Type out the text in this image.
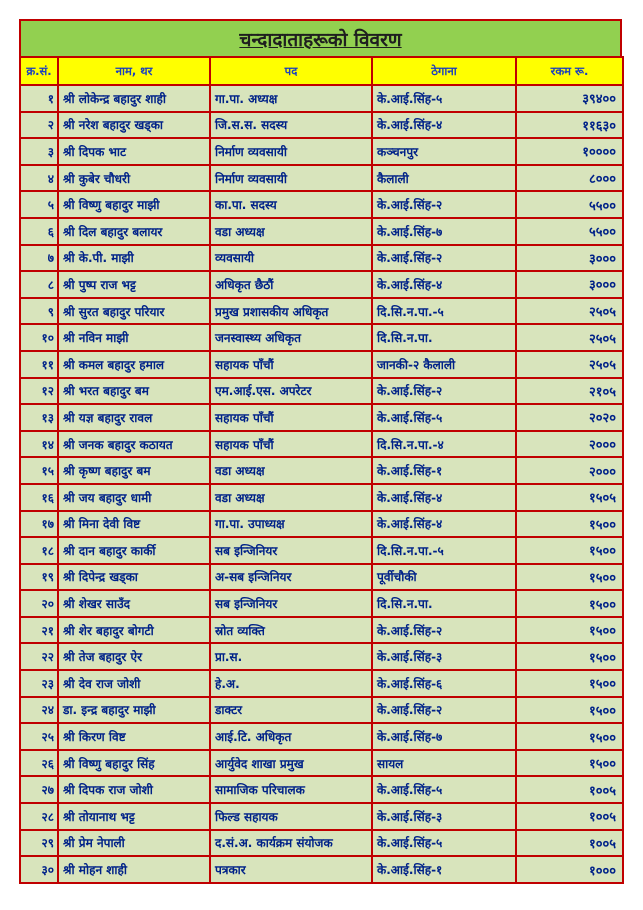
चन्दादाताहरूको विवरण
क्र.सं.	नाम, थर	पद	ठेगाना	रकम रू.
१	श्री लोकेन्द्र बहादुर शाही	गा.पा. अध्यक्ष	के.आई.सिंह-५	३९४००
२	श्री नरेश बहादुर खड्का	जि.स.स. सदस्य	के.आई.सिंह-४	११६३०
३	श्री दिपक भाट	निर्माण व्यवसायी	कञ्चनपुर	१००००
४	श्री कुबेर चौधरी	निर्माण व्यवसायी	कैलाली	८०००
५	श्री विष्णु बहादुर माझी	का.पा. सदस्य	के.आई.सिंह-२	५५००
६	श्री दिल बहादुर बलायर	वडा अध्यक्ष	के.आई.सिंह-७	५५००
७	श्री के.पी. माझी	व्यवसायी	के.आई.सिंह-२	३०००
८	श्री पुष्प राज भट्ट	अधिकृत छैठौं	के.आई.सिंह-४	३०००
९	श्री सुरत बहादुर परियार	प्रमुख प्रशासकीय अधिकृत	दि.सि.न.पा.-५	२५०५
१०	श्री नविन माझी	जनस्वास्थ्य अधिकृत	दि.सि.न.पा.	२५०५
११	श्री कमल बहादुर हमाल	सहायक पाँचौं	जानकी-२ कैलाली	२५०५
१२	श्री भरत बहादुर बम	एम.आई.एस. अपरेटर	के.आई.सिंह-२	२१०५
१३	श्री यज्ञ बहादुर रावल	सहायक पाँचौं	के.आई.सिंह-५	२०२०
१४	श्री जनक बहादुर कठायत	सहायक पाँचौं	दि.सि.न.पा.-४	२०००
१५	श्री कृष्ण बहादुर बम	वडा अध्यक्ष	के.आई.सिंह-१	२०००
१६	श्री जय बहादुर धामी	वडा अध्यक्ष	के.आई.सिंह-४	१५०५
१७	श्री मिना देवी विष्ट	गा.पा. उपाध्यक्ष	के.आई.सिंह-४	१५००
१८	श्री दान बहादुर कार्की	सब इन्जिनियर	दि.सि.न.पा.-५	१५००
१९	श्री दिपेन्द्र खड्का	अ-सब इन्जिनियर	पूर्वीचौकी	१५००
२०	श्री शेखर साउँद	सब इन्जिनियर	दि.सि.न.पा.	१५००
२१	श्री शेर बहादुर बोगटी	स्रोत व्यक्ति	के.आई.सिंह-२	१५००
२२	श्री तेज बहादुर ऐर	प्रा.स.	के.आई.सिंह-३	१५००
२३	श्री देव राज जोशी	हे.अ.	के.आई.सिंह-६	१५००
२४	डा. इन्द्र बहादुर माझी	डाक्टर	के.आई.सिंह-२	१५००
२५	श्री किरण विष्ट	आई.टि. अधिकृत	के.आई.सिंह-७	१५००
२६	श्री विष्णु बहादुर सिंह	आर्युवेद शाखा प्रमुख	सायल	१५००
२७	श्री दिपक राज जोशी	सामाजिक परिचालक	के.आई.सिंह-५	१००५
२८	श्री तोयानाथ भट्ट	फिल्ड सहायक	के.आई.सिंह-३	१००५
२९	श्री प्रेम नेपाली	द.सं.अ. कार्यक्रम संयोजक	के.आई.सिंह-५	१००५
३०	श्री मोहन शाही	पत्रकार	के.आई.सिंह-१	१०००
